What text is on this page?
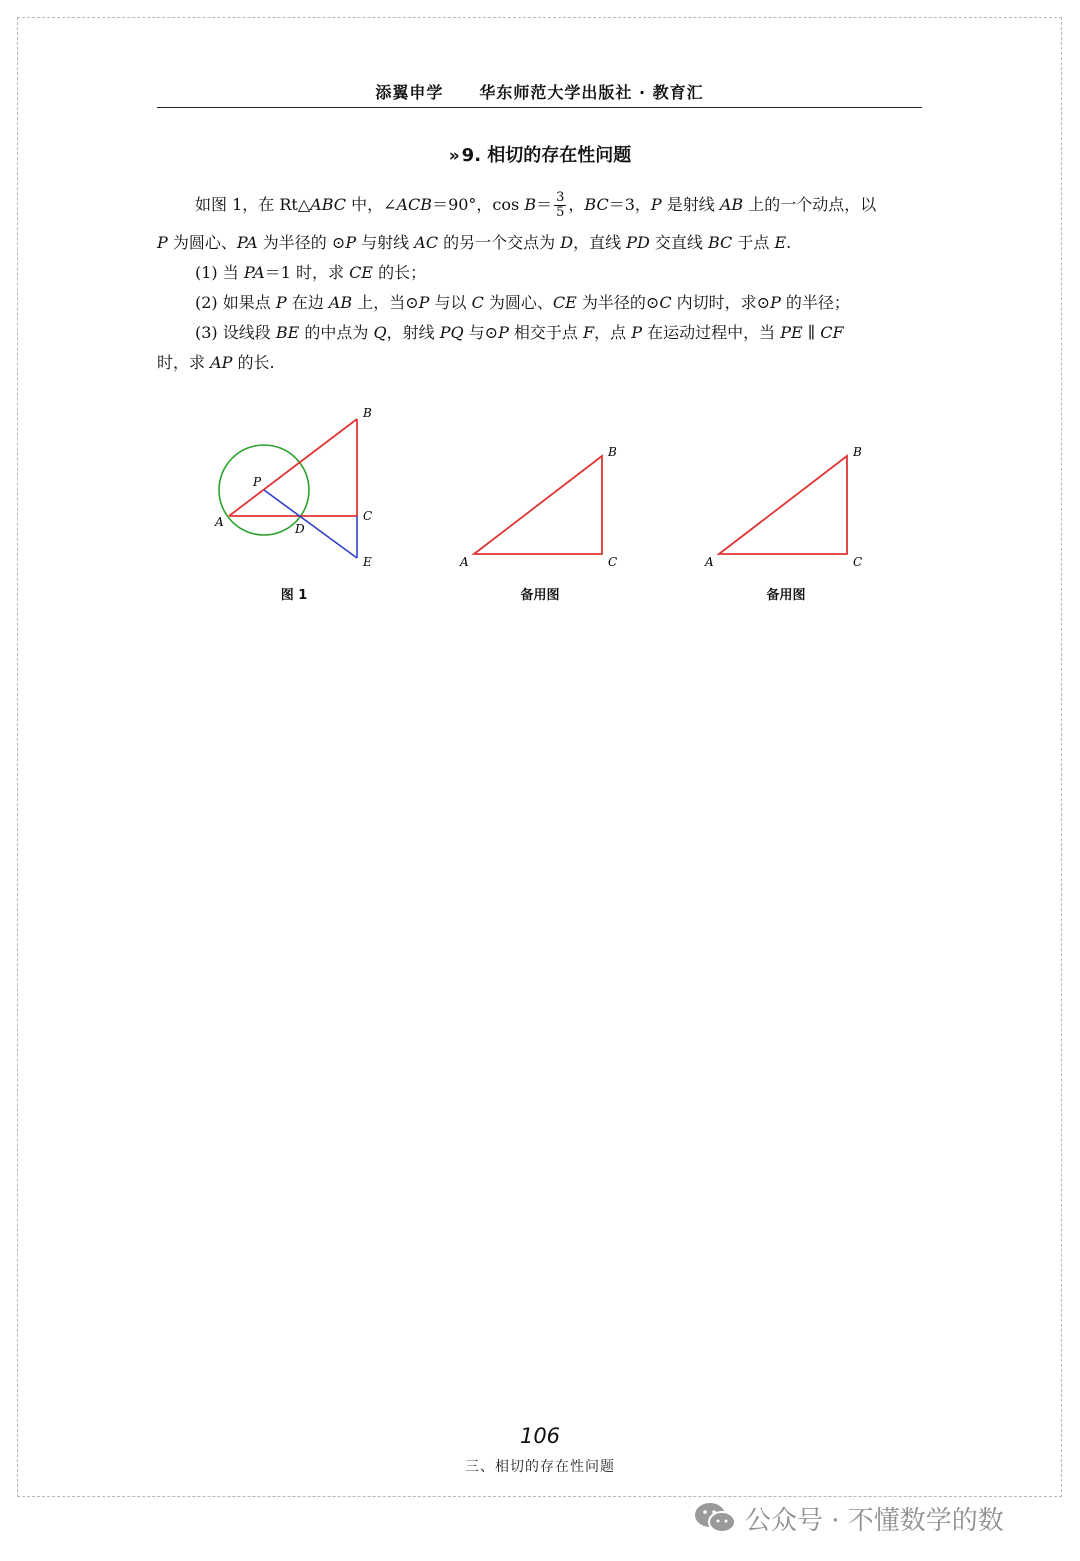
添翼申学 华东师范大学出版社 · 教育汇
» 9. 相切的存在性问题
如图 1，在 Rt△ABC 中，∠ACB＝90°，$\cos B= \frac{3}{5}$ ，BC＝3，P 是射线 AB 上的一个动点，以
P 为圆心、PA 为半径的 ⊙P 与射线 AC 的另一个交点为 D，直线 PD 交直线 BC 于点 E.
(1) 当 PA＝1 时，求 CE 的长；
(2) 如果点 P 在边 AB 上，当⊙P 与以 C 为圆心、CE 为半径的⊙C 内切时，求⊙P 的半径；
(3) 设线段 BE 的中点为 Q，射线 PQ 与⊙P 相交于点 F，点 P 在运动过程中，当 PE ∥ CF
时，求 AP 的长.
B
P
A	D
C
E
图 1
B
A	C
备用图
B
A	C
备用图
106
三、相切的存在性问题
公众号 · 不懂数学的数
